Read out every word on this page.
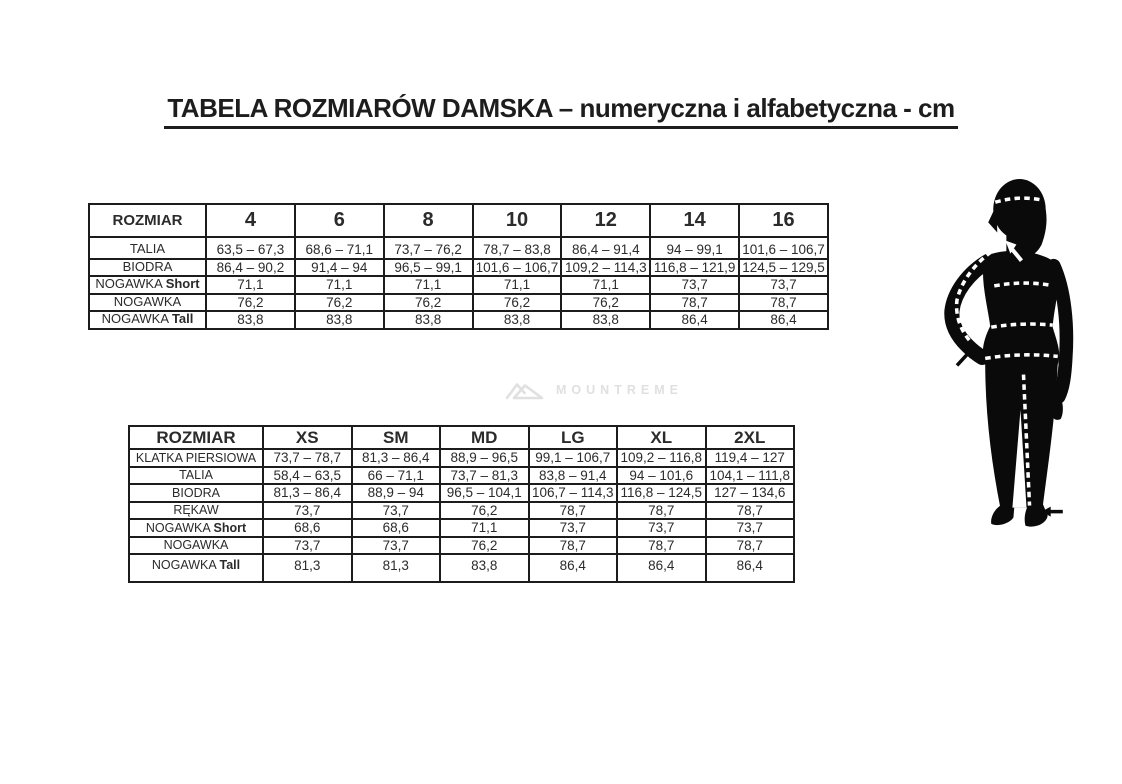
TABELA ROZMIARÓW DAMSKA – numeryczna i alfabetyczna - cm
ROZMIAR	4	6	8	10	12	14	16
TALIA	63,5 – 67,3	68,6 – 71,1	73,7 – 76,2	78,7 – 83,8	86,4 – 91,4	94 – 99,1	101,6 – 106,7
BIODRA	86,4 – 90,2	91,4 – 94	96,5 – 99,1	101,6 – 106,7	109,2 – 114,3	116,8 – 121,9	124,5 – 129,5
NOGAWKA Short	71,1	71,1	71,1	71,1	71,1	73,7	73,7
NOGAWKA	76,2	76,2	76,2	76,2	76,2	78,7	78,7
NOGAWKA Tall	83,8	83,8	83,8	83,8	83,8	86,4	86,4
MOUNTREME
ROZMIAR	XS	SM	MD	LG	XL	2XL
KLATKA PIERSIOWA	73,7 – 78,7	81,3 – 86,4	88,9 – 96,5	99,1 – 106,7	109,2 – 116,8	119,4 – 127
TALIA	58,4 – 63,5	66 – 71,1	73,7 – 81,3	83,8 – 91,4	94 – 101,6	104,1 – 111,8
BIODRA	81,3 – 86,4	88,9 – 94	96,5 – 104,1	106,7 – 114,3	116,8 – 124,5	127 – 134,6
RĘKAW	73,7	73,7	76,2	78,7	78,7	78,7
NOGAWKA Short	68,6	68,6	71,1	73,7	73,7	73,7
NOGAWKA	73,7	73,7	76,2	78,7	78,7	78,7
NOGAWKA Tall	81,3	81,3	83,8	86,4	86,4	86,4
